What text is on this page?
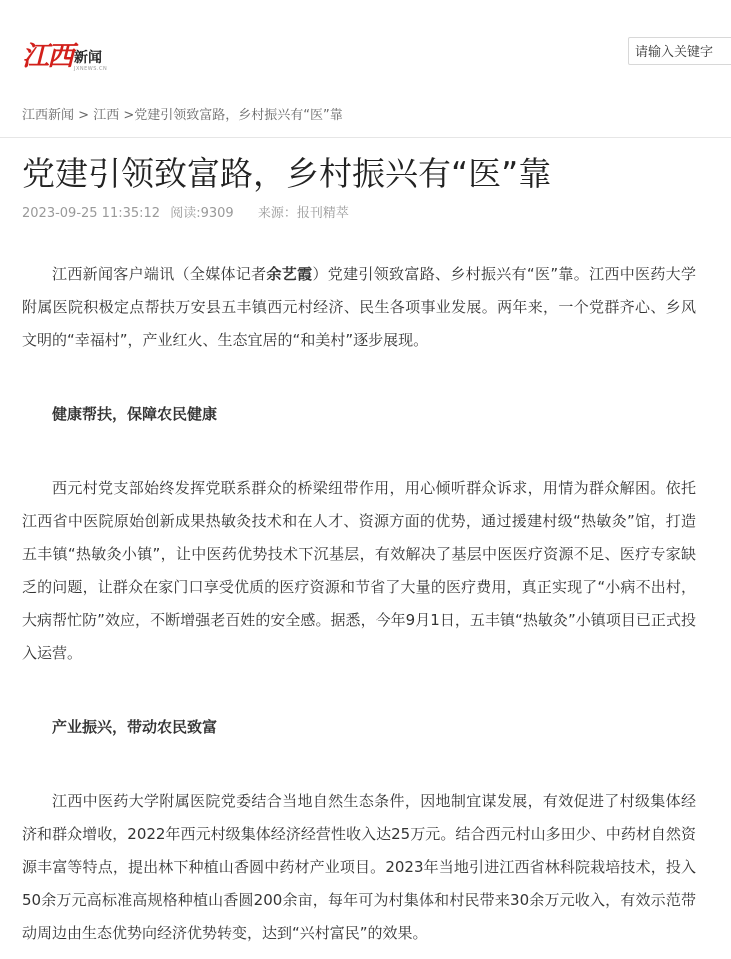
江西 新闻
JXNEWS.CN
请输入关键字
江西新闻 > 江西 >党建引领致富路，乡村振兴有“医”靠
党建引领致富路，乡村振兴有“医”靠
2023-09-25 11:35:12 阅读:9309 来源：报刊精萃

江西新闻客户端讯（全媒体记者余艺霞）党建引领致富路、乡村振兴有“医”靠。江西中医药大学附属医院积极定点帮扶万安县五丰镇西元村经济、民生各项事业发展。两年来，一个党群齐心、乡风文明的“幸福村”，产业红火、生态宜居的“和美村”逐步展现。

健康帮扶，保障农民健康

西元村党支部始终发挥党联系群众的桥梁纽带作用，用心倾听群众诉求，用情为群众解困。依托江西省中医院原始创新成果热敏灸技术和在人才、资源方面的优势，通过援建村级“热敏灸”馆，打造五丰镇“热敏灸小镇”，让中医药优势技术下沉基层，有效解决了基层中医医疗资源不足、医疗专家缺乏的问题，让群众在家门口享受优质的医疗资源和节省了大量的医疗费用，真正实现了“小病不出村，大病帮忙防”效应，不断增强老百姓的安全感。据悉，今年9月1日，五丰镇“热敏灸”小镇项目已正式投入运营。

产业振兴，带动农民致富

江西中医药大学附属医院党委结合当地自然生态条件，因地制宜谋发展，有效促进了村级集体经济和群众增收，2022年西元村级集体经济经营性收入达25万元。结合西元村山多田少、中药材自然资源丰富等特点，提出林下种植山香圆中药材产业项目。2023年当地引进江西省林科院栽培技术，投入50余万元高标准高规格种植山香圆200余亩，每年可为村集体和村民带来30余万元收入，有效示范带动周边由生态优势向经济优势转变，达到“兴村富民”的效果。
